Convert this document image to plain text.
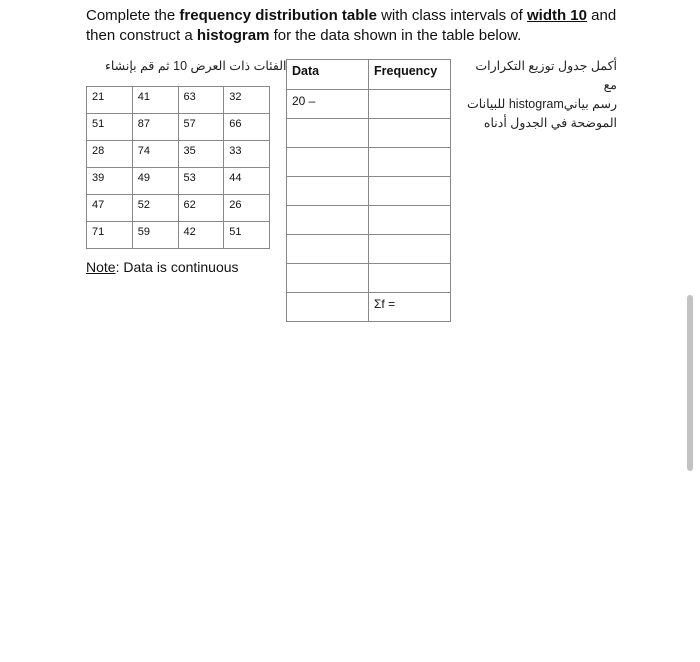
Complete the frequency distribution table with class intervals of width 10 and then construct a histogram for the data shown in the table below.
الفئات ذات العرض 10 ثم قم بإنشاء	أكمل جدول توزيع التكرارات مع
رسم بيانيhistogram للبيانات
الموضحة في الجدول أدناه
21	41	63	32
51	87	57	66
28	74	35	33
39	49	53	44
47	52	62	26
71	59	42	51
Data	Frequency
20 –	

	Σf =
Note: Data is continuous
